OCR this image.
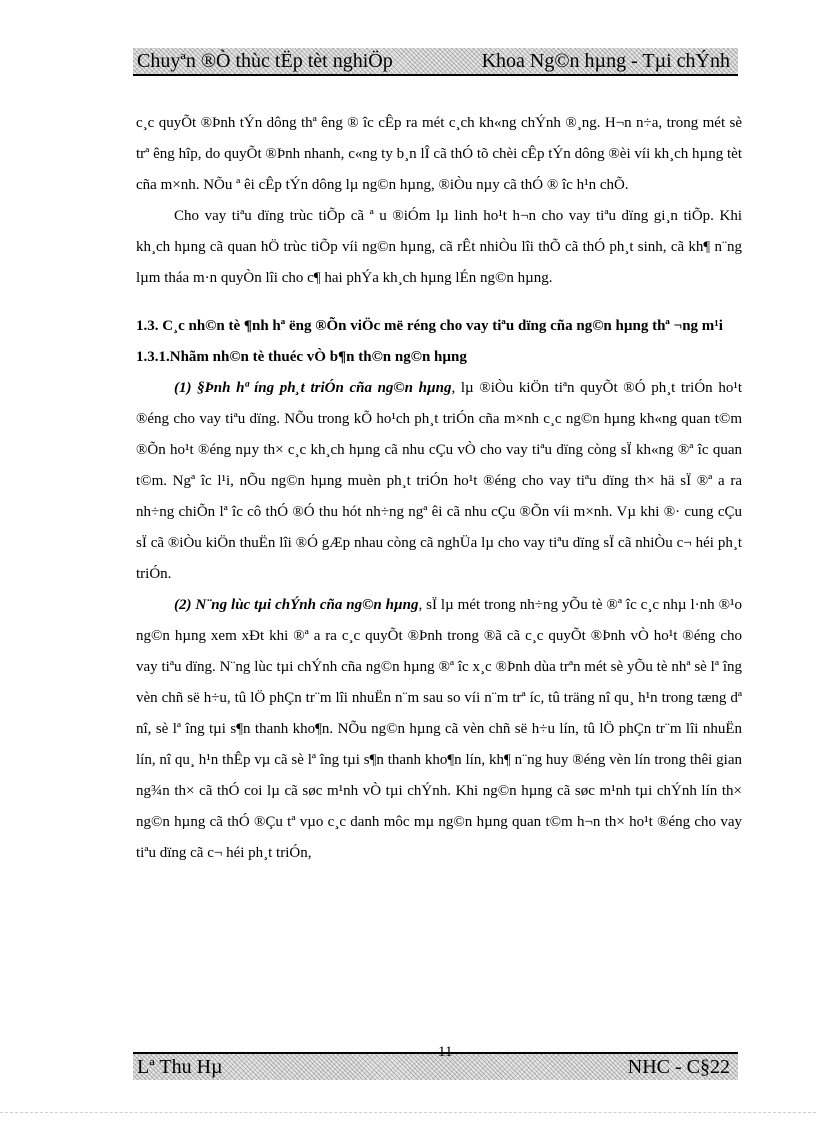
Chuyªn ®Ò thùc tËp tèt nghiÖp	Khoa Ng©n hµng - Tµi chÝnh

c¸c quyÕt ®Þnh tÝn dông thª êng ® îc cÊp ra mét c¸ch kh«ng chÝnh ®¸ng. H¬n n÷a, trong mét sè trª êng hîp, do quyÕt ®Þnh nhanh, c«ng ty b¸n lÎ cã thÓ tõ chèi cÊp tÝn dông ®èi víi kh¸ch hµng tèt cña m×nh. NÕu ª êi cÊp tÝn dông lµ ng©n hµng, ®iÒu nµy cã thÓ ® îc h¹n chÕ.

Cho vay tiªu dïng trùc tiÕp cã ª u ®iÓm lµ linh ho¹t h¬n cho vay tiªu dïng gi¸n tiÕp. Khi kh¸ch hµng cã quan hÖ trùc tiÕp víi ng©n hµng, cã rÊt nhiÒu lîi thÕ cã thÓ ph¸t sinh, cã kh¶ n¨ng lµm tháa m·n quyÒn lîi cho c¶ hai phÝa kh¸ch hµng lÉn ng©n hµng.

1.3. C¸c nh©n tè ¶nh hª ëng ®Õn viÖc më réng cho vay tiªu dïng cña ng©n hµng thª ¬ng m¹i

1.3.1.Nhãm nh©n tè thuéc vÒ b¶n th©n ng©n hµng

(1) §Þnh hª íng ph¸t triÓn cña ng©n hµng, lµ ®iÒu kiÖn tiªn quyÕt ®Ó ph¸t triÓn ho¹t ®éng cho vay tiªu dïng. NÕu trong kÕ ho¹ch ph¸t triÓn cña m×nh c¸c ng©n hµng kh«ng quan t©m ®Õn ho¹t ®éng nµy th× c¸c kh¸ch hµng cã nhu cÇu vÒ cho vay tiªu dïng còng sÏ kh«ng ®ª îc quan t©m. Ngª îc l¹i, nÕu ng©n hµng muèn ph¸t triÓn ho¹t ®éng cho vay tiªu dïng th× hä sÏ ®ª a ra nh÷ng chiÕn lª îc cô thÓ ®Ó thu hót nh÷ng ngª êi cã nhu cÇu ®Õn víi m×nh. Vµ khi ®· cung cÇu sÏ cã ®iÒu kiÖn thuËn lîi ®Ó gÆp nhau còng cã nghÜa lµ cho vay tiªu dïng sÏ cã nhiÒu c¬ héi ph¸t triÓn.

(2) N¨ng lùc tµi chÝnh cña ng©n hµng, sÏ lµ mét trong nh÷ng yÕu tè ®ª îc c¸c nhµ l·nh ®¹o ng©n hµng xem xÐt khi ®ª a ra c¸c quyÕt ®Þnh trong ®ã cã c¸c quyÕt ®Þnh vÒ ho¹t ®éng cho vay tiªu dïng. N¨ng lùc tµi chÝnh cña ng©n hµng ®ª îc x¸c ®Þnh dùa trªn mét sè yÕu tè nhª sè lª îng vèn chñ së h÷u, tû lÖ phÇn tr¨m lîi nhuËn n¨m sau so víi n¨m trª íc, tû träng nî qu¸ h¹n trong tæng dª nî, sè lª îng tµi s¶n thanh kho¶n. NÕu ng©n hµng cã vèn chñ së h÷u lín, tû lÖ phÇn tr¨m lîi nhuËn lín, nî qu¸ h¹n thÊp vµ cã sè lª îng tµi s¶n thanh kho¶n lín, kh¶ n¨ng huy ®éng vèn lín trong thêi gian ng¾n th× cã thÓ coi lµ cã søc m¹nh vÒ tµi chÝnh. Khi ng©n hµng cã søc m¹nh tµi chÝnh lín th× ng©n hµng cã thÓ ®Çu tª vµo c¸c danh môc mµ ng©n hµng quan t©m h¬n th× ho¹t ®éng cho vay tiªu dïng cã c¬ héi ph¸t triÓn,

Lª Thu Hµ	NHC - C§22
11
